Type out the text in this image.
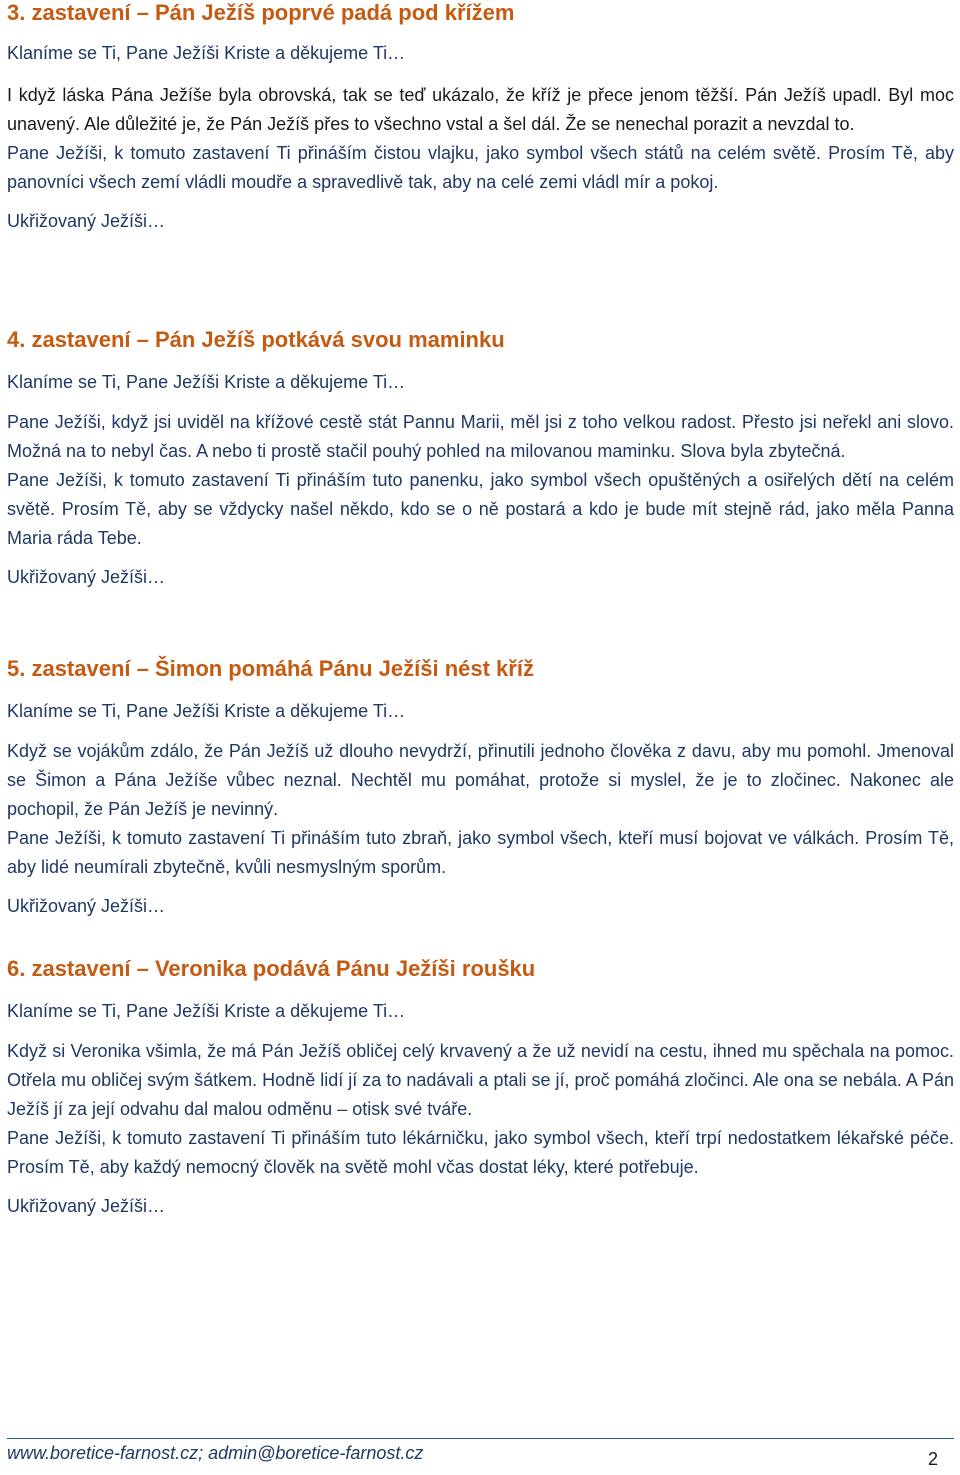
3. zastavení – Pán Ježíš poprvé padá pod křížem

Klaníme se Ti, Pane Ježíši Kriste a děkujeme Ti…

I když láska Pána Ježíše byla obrovská, tak se teď ukázalo, že kříž je přece jenom těžší. Pán Ježíš upadl. Byl moc unavený. Ale důležité je, že Pán Ježíš přes to všechno vstal a šel dál. Že se nenechal porazit a nevzdal to.

Pane Ježíši, k tomuto zastavení Ti přináším čistou vlajku, jako symbol všech států na celém světě. Prosím Tě, aby panovníci všech zemí vládli moudře a spravedlivě tak, aby na celé zemi vládl mír a pokoj.

Ukřižovaný Ježíši…

4. zastavení – Pán Ježíš potkává svou maminku

Klaníme se Ti, Pane Ježíši Kriste a děkujeme Ti…

Pane Ježíši, když jsi uviděl na křížové cestě stát Pannu Marii, měl jsi z toho velkou radost. Přesto jsi neřekl ani slovo. Možná na to nebyl čas. A nebo ti prostě stačil pouhý pohled na milovanou maminku. Slova byla zbytečná.

Pane Ježíši, k tomuto zastavení Ti přináším tuto panenku, jako symbol všech opuštěných a osiřelých dětí na celém světě. Prosím Tě, aby se vždycky našel někdo, kdo se o ně postará a kdo je bude mít stejně rád, jako měla Panna Maria ráda Tebe.

Ukřižovaný Ježíši…

5. zastavení – Šimon pomáhá Pánu Ježíši nést kříž

Klaníme se Ti, Pane Ježíši Kriste a děkujeme Ti…

Když se vojákům zdálo, že Pán Ježíš už dlouho nevydrží, přinutili jednoho člověka z davu, aby mu pomohl. Jmenoval se Šimon a Pána Ježíše vůbec neznal. Nechtěl mu pomáhat, protože si myslel, že je to zločinec. Nakonec ale pochopil, že Pán Ježíš je nevinný.

Pane Ježíši, k tomuto zastavení Ti přináším tuto zbraň, jako symbol všech, kteří musí bojovat ve válkách. Prosím Tě, aby lidé neumírali zbytečně, kvůli nesmyslným sporům.

Ukřižovaný Ježíši…

6. zastavení – Veronika podává Pánu Ježíši roušku

Klaníme se Ti, Pane Ježíši Kriste a děkujeme Ti…

Když si Veronika všimla, že má Pán Ježíš obličej celý krvavený a že už nevidí na cestu, ihned mu spěchala na pomoc. Otřela mu obličej svým šátkem. Hodně lidí jí za to nadávali a ptali se jí, proč pomáhá zločinci. Ale ona se nebála. A Pán Ježíš jí za její odvahu dal malou odměnu – otisk své tváře.

Pane Ježíši, k tomuto zastavení Ti přináším tuto lékárničku, jako symbol všech, kteří trpí nedostatkem lékařské péče. Prosím Tě, aby každý nemocný člověk na světě mohl včas dostat léky, které potřebuje.

Ukřižovaný Ježíši…

www.boretice-farnost.cz; admin@boretice-farnost.cz	2
